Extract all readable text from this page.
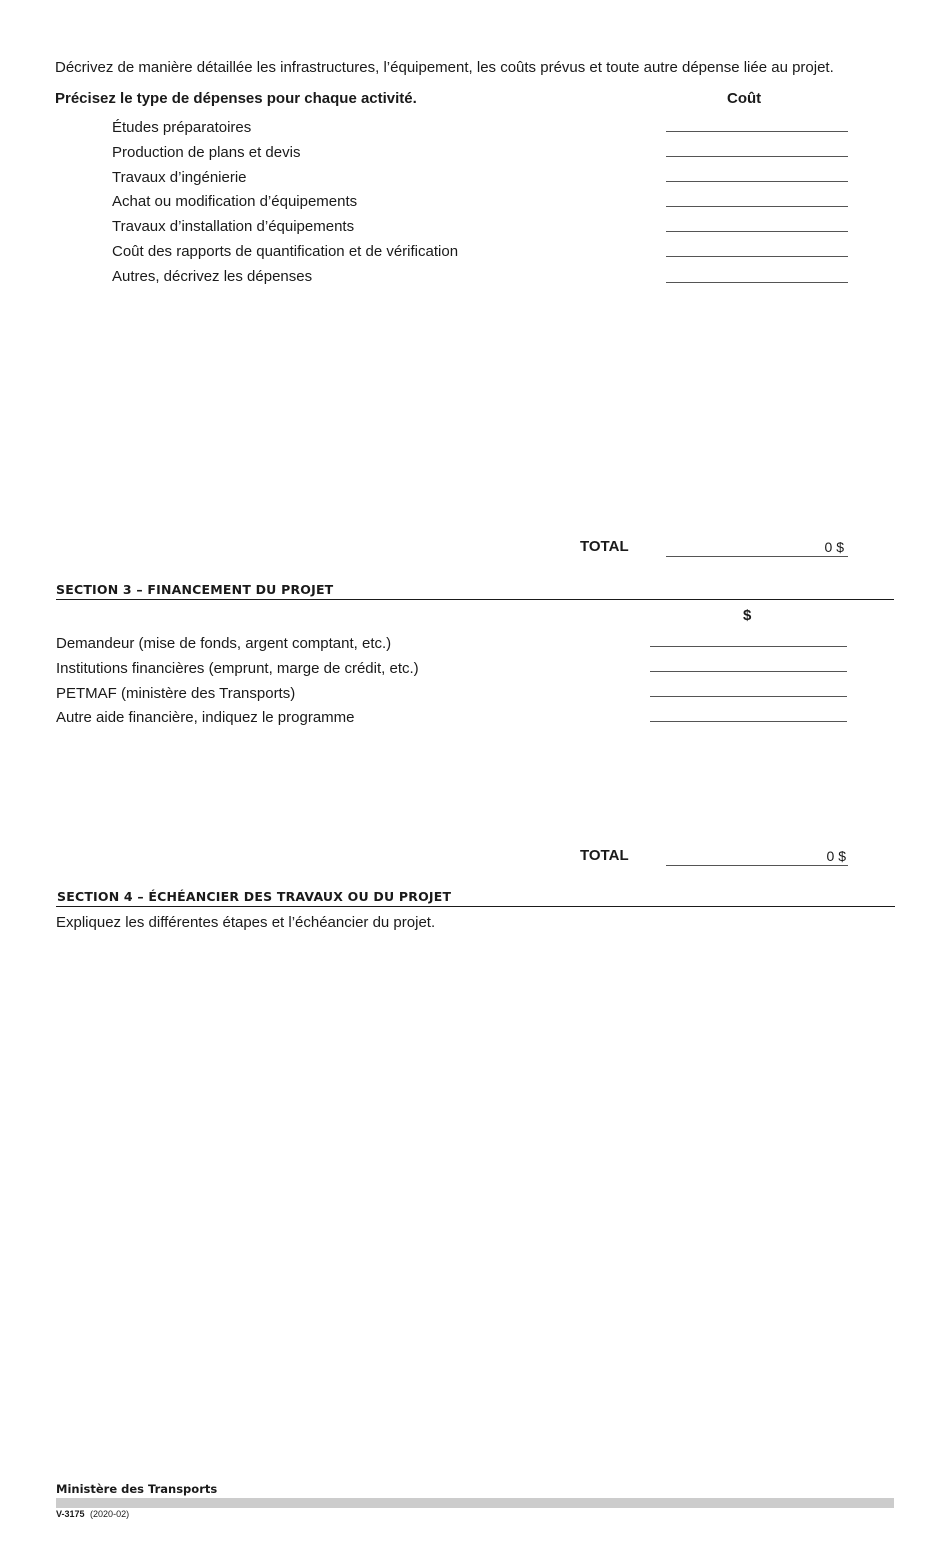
Décrivez de manière détaillée les infrastructures, l’équipement, les coûts prévus et toute autre dépense liée au projet.
Précisez le type de dépenses pour chaque activité.	Coût
Études préparatoires
Production de plans et devis
Travaux d’ingénierie
Achat ou modification d’équipements
Travaux d’installation d’équipements
Coût des rapports de quantification et de vérification
Autres, décrivez les dépenses
TOTAL	0 $
SECTION 3 – FINANCEMENT DU PROJET
$
Demandeur (mise de fonds, argent comptant, etc.)
Institutions financières (emprunt, marge de crédit, etc.)
PETMAF (ministère des Transports)
Autre aide financière, indiquez le programme
TOTAL	0 $
SECTION 4 – ÉCHÉANCIER DES TRAVAUX OU DU PROJET
Expliquez les différentes étapes et l’échéancier du projet.
Ministère des Transports
V-3175 (2020-02)
